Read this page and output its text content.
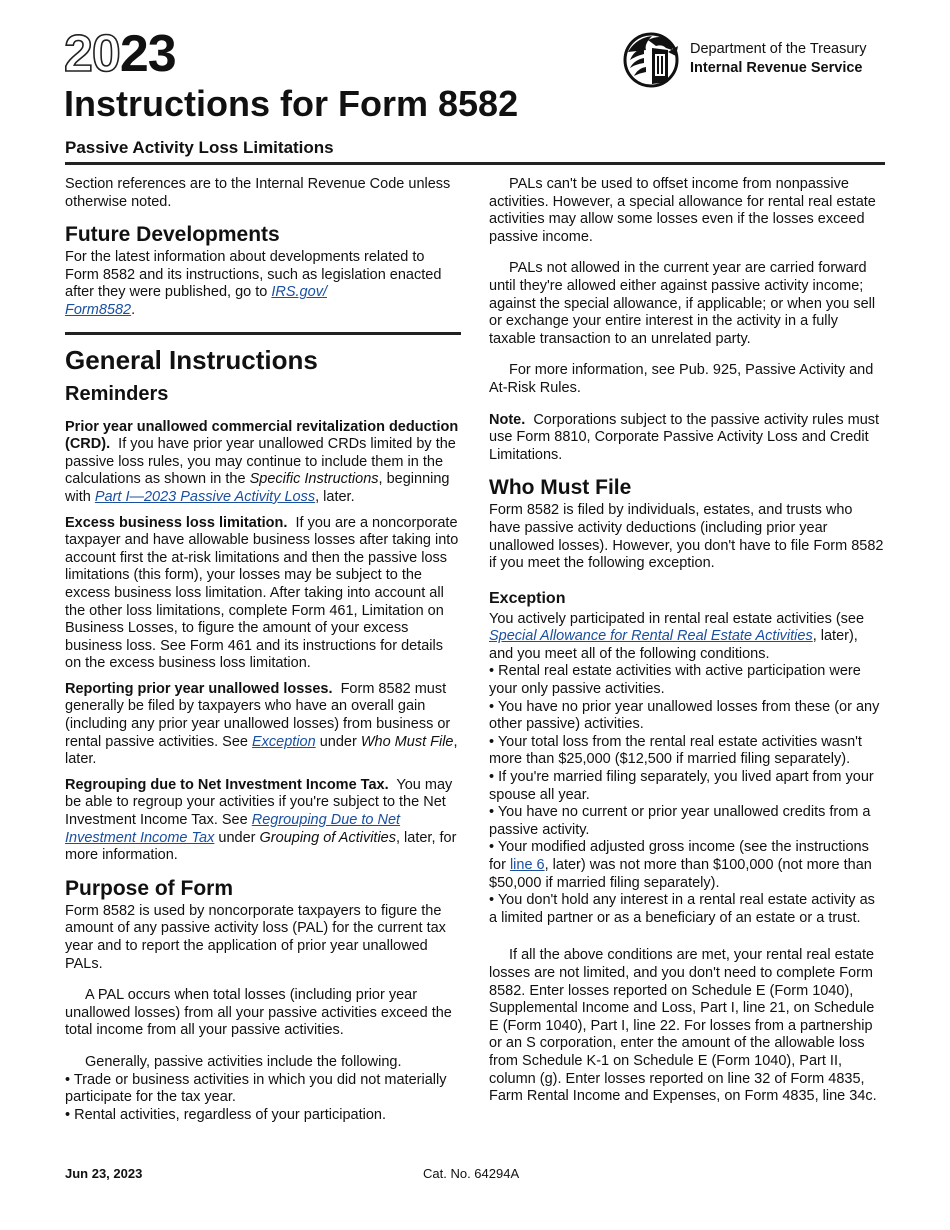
2023
Instructions for Form 8582
Passive Activity Loss Limitations
Department of the Treasury
Internal Revenue Service

Section references are to the Internal Revenue Code unless otherwise noted.

Future Developments

For the latest information about developments related to Form 8582 and its instructions, such as legislation enacted after they were published, go to IRS.gov/
Form8582.

General Instructions
Reminders

Prior year unallowed commercial revitalization deduction (CRD). If you have prior year unallowed CRDs limited by the passive loss rules, you may continue to include them in the calculations as shown in the Specific Instructions, beginning with Part I—2023 Passive Activity Loss, later.

Excess business loss limitation. If you are a noncorporate taxpayer and have allowable business losses after taking into account first the at-risk limitations and then the passive loss limitations (this form), your losses may be subject to the excess business loss limitation. After taking into account all the other loss limitations, complete Form 461, Limitation on Business Losses, to figure the amount of your excess business loss. See Form 461 and its instructions for details on the excess business loss limitation.

Reporting prior year unallowed losses. Form 8582 must generally be filed by taxpayers who have an overall gain (including any prior year unallowed losses) from business or rental passive activities. See Exception under Who Must File, later.

Regrouping due to Net Investment Income Tax. You may be able to regroup your activities if you're subject to the Net Investment Income Tax. See Regrouping Due to Net Investment Income Tax under Grouping of Activities, later, for more information.

Purpose of Form

Form 8582 is used by noncorporate taxpayers to figure the amount of any passive activity loss (PAL) for the current tax year and to report the application of prior year unallowed PALs.

A PAL occurs when total losses (including prior year unallowed losses) from all your passive activities exceed the total income from all your passive activities.

Generally, passive activities include the following.

• Trade or business activities in which you did not materially participate for the tax year.

• Rental activities, regardless of your participation.

PALs can't be used to offset income from nonpassive activities. However, a special allowance for rental real estate activities may allow some losses even if the losses exceed passive income.

PALs not allowed in the current year are carried forward until they're allowed either against passive activity income; against the special allowance, if applicable; or when you sell or exchange your entire interest in the activity in a fully taxable transaction to an unrelated party.

For more information, see Pub. 925, Passive Activity and At-Risk Rules.

Note. Corporations subject to the passive activity rules must use Form 8810, Corporate Passive Activity Loss and Credit Limitations.

Who Must File

Form 8582 is filed by individuals, estates, and trusts who have passive activity deductions (including prior year unallowed losses). However, you don't have to file Form 8582 if you meet the following exception.

Exception

You actively participated in rental real estate activities (see Special Allowance for Rental Real Estate Activities, later), and you meet all of the following conditions.

• Rental real estate activities with active participation were your only passive activities.

• You have no prior year unallowed losses from these (or any other passive) activities.

• Your total loss from the rental real estate activities wasn't more than $25,000 ($12,500 if married filing separately).

• If you're married filing separately, you lived apart from your spouse all year.

• You have no current or prior year unallowed credits from a passive activity.

• Your modified adjusted gross income (see the instructions for line 6, later) was not more than $100,000 (not more than $50,000 if married filing separately).

• You don't hold any interest in a rental real estate activity as a limited partner or as a beneficiary of an estate or a trust.

If all the above conditions are met, your rental real estate losses are not limited, and you don't need to complete Form 8582. Enter losses reported on Schedule E (Form 1040), Supplemental Income and Loss, Part I, line 21, on Schedule E (Form 1040), Part I, line 22. For losses from a partnership or an S corporation, enter the amount of the allowable loss from Schedule K-1 on Schedule E (Form 1040), Part II, column (g). Enter losses reported on line 32 of Form 4835, Farm Rental Income and Expenses, on Form 4835, line 34c.

Jun 23, 2023	Cat. No. 64294A
